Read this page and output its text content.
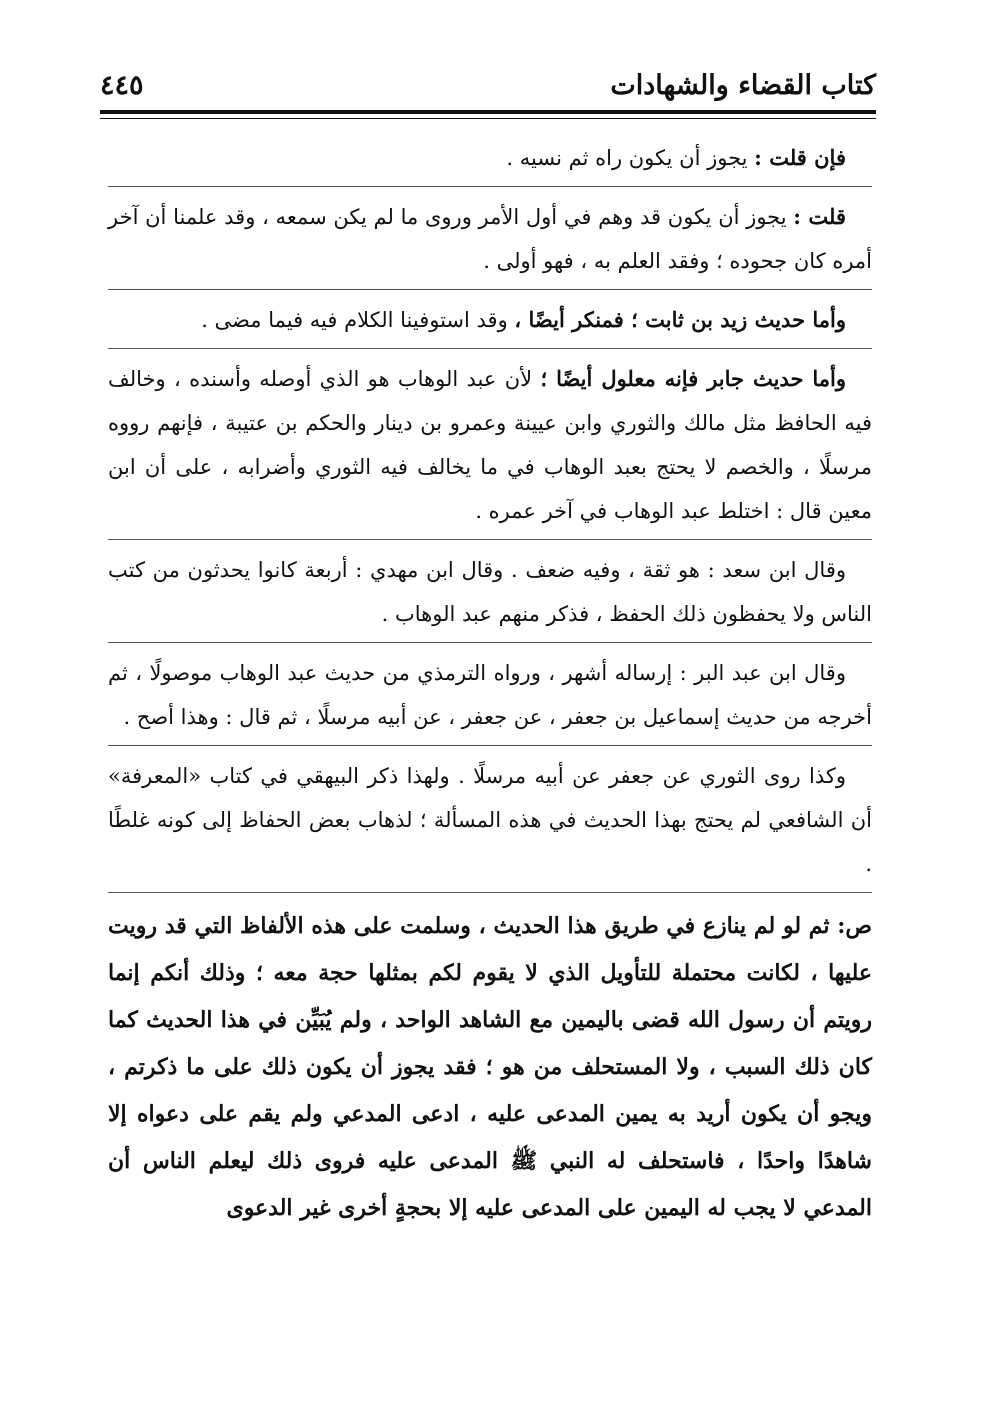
كتاب القضاء والشهادات
٤٤٥

فإن قلت : يجوز أن يكون راه ثم نسيه .

قلت : يجوز أن يكون قد وهم في أول الأمر وروى ما لم يكن سمعه ، وقد علمنا أن آخر أمره كان جحوده ؛ وفقد العلم به ، فهو أولى .

وأما حديث زيد بن ثابت ؛ فمنكر أيضًا ، وقد استوفينا الكلام فيه فيما مضى .

وأما حديث جابر فإنه معلول أيضًا ؛ لأن عبد الوهاب هو الذي أوصله وأسنده ، وخالف فيه الحافظ مثل مالك والثوري وابن عيينة وعمرو بن دينار والحكم بن عتيبة ، فإنهم رووه مرسلًا ، والخصم لا يحتج بعبد الوهاب في ما يخالف فيه الثوري وأضرابه ، على أن ابن معين قال : اختلط عبد الوهاب في آخر عمره .

وقال ابن سعد : هو ثقة ، وفيه ضعف . وقال ابن مهدي : أربعة كانوا يحدثون من كتب الناس ولا يحفظون ذلك الحفظ ، فذكر منهم عبد الوهاب .

وقال ابن عبد البر : إرساله أشهر ، ورواه الترمذي من حديث عبد الوهاب موصولًا ، ثم أخرجه من حديث إسماعيل بن جعفر ، عن جعفر ، عن أبيه مرسلًا ، ثم قال : وهذا أصح .

وكذا روى الثوري عن جعفر عن أبيه مرسلًا . ولهذا ذكر البيهقي في كتاب «المعرفة» أن الشافعي لم يحتج بهذا الحديث في هذه المسألة ؛ لذهاب بعض الحفاظ إلى كونه غلطًا .

ص: ثم لو لم ينازع في طريق هذا الحديث ، وسلمت على هذه الألفاظ التي قد رويت عليها ، لكانت محتملة للتأويل الذي لا يقوم لكم بمثلها حجة معه ؛ وذلك أنكم إنما رويتم أن رسول الله قضى باليمين مع الشاهد الواحد ، ولم يُبَيِّن في هذا الحديث كما كان ذلك السبب ، ولا المستحلف من هو ؛ فقد يجوز أن يكون ذلك على ما ذكرتم ، ويجو أن يكون أريد به يمين المدعى عليه ، ادعى المدعي ولم يقم على دعواه إلا شاهدًا واحدًا ، فاستحلف له النبي ﷺ المدعى عليه فروى ذلك ليعلم الناس أن المدعي لا يجب له اليمين على المدعى عليه إلا بحجةٍ أخرى غير الدعوى
